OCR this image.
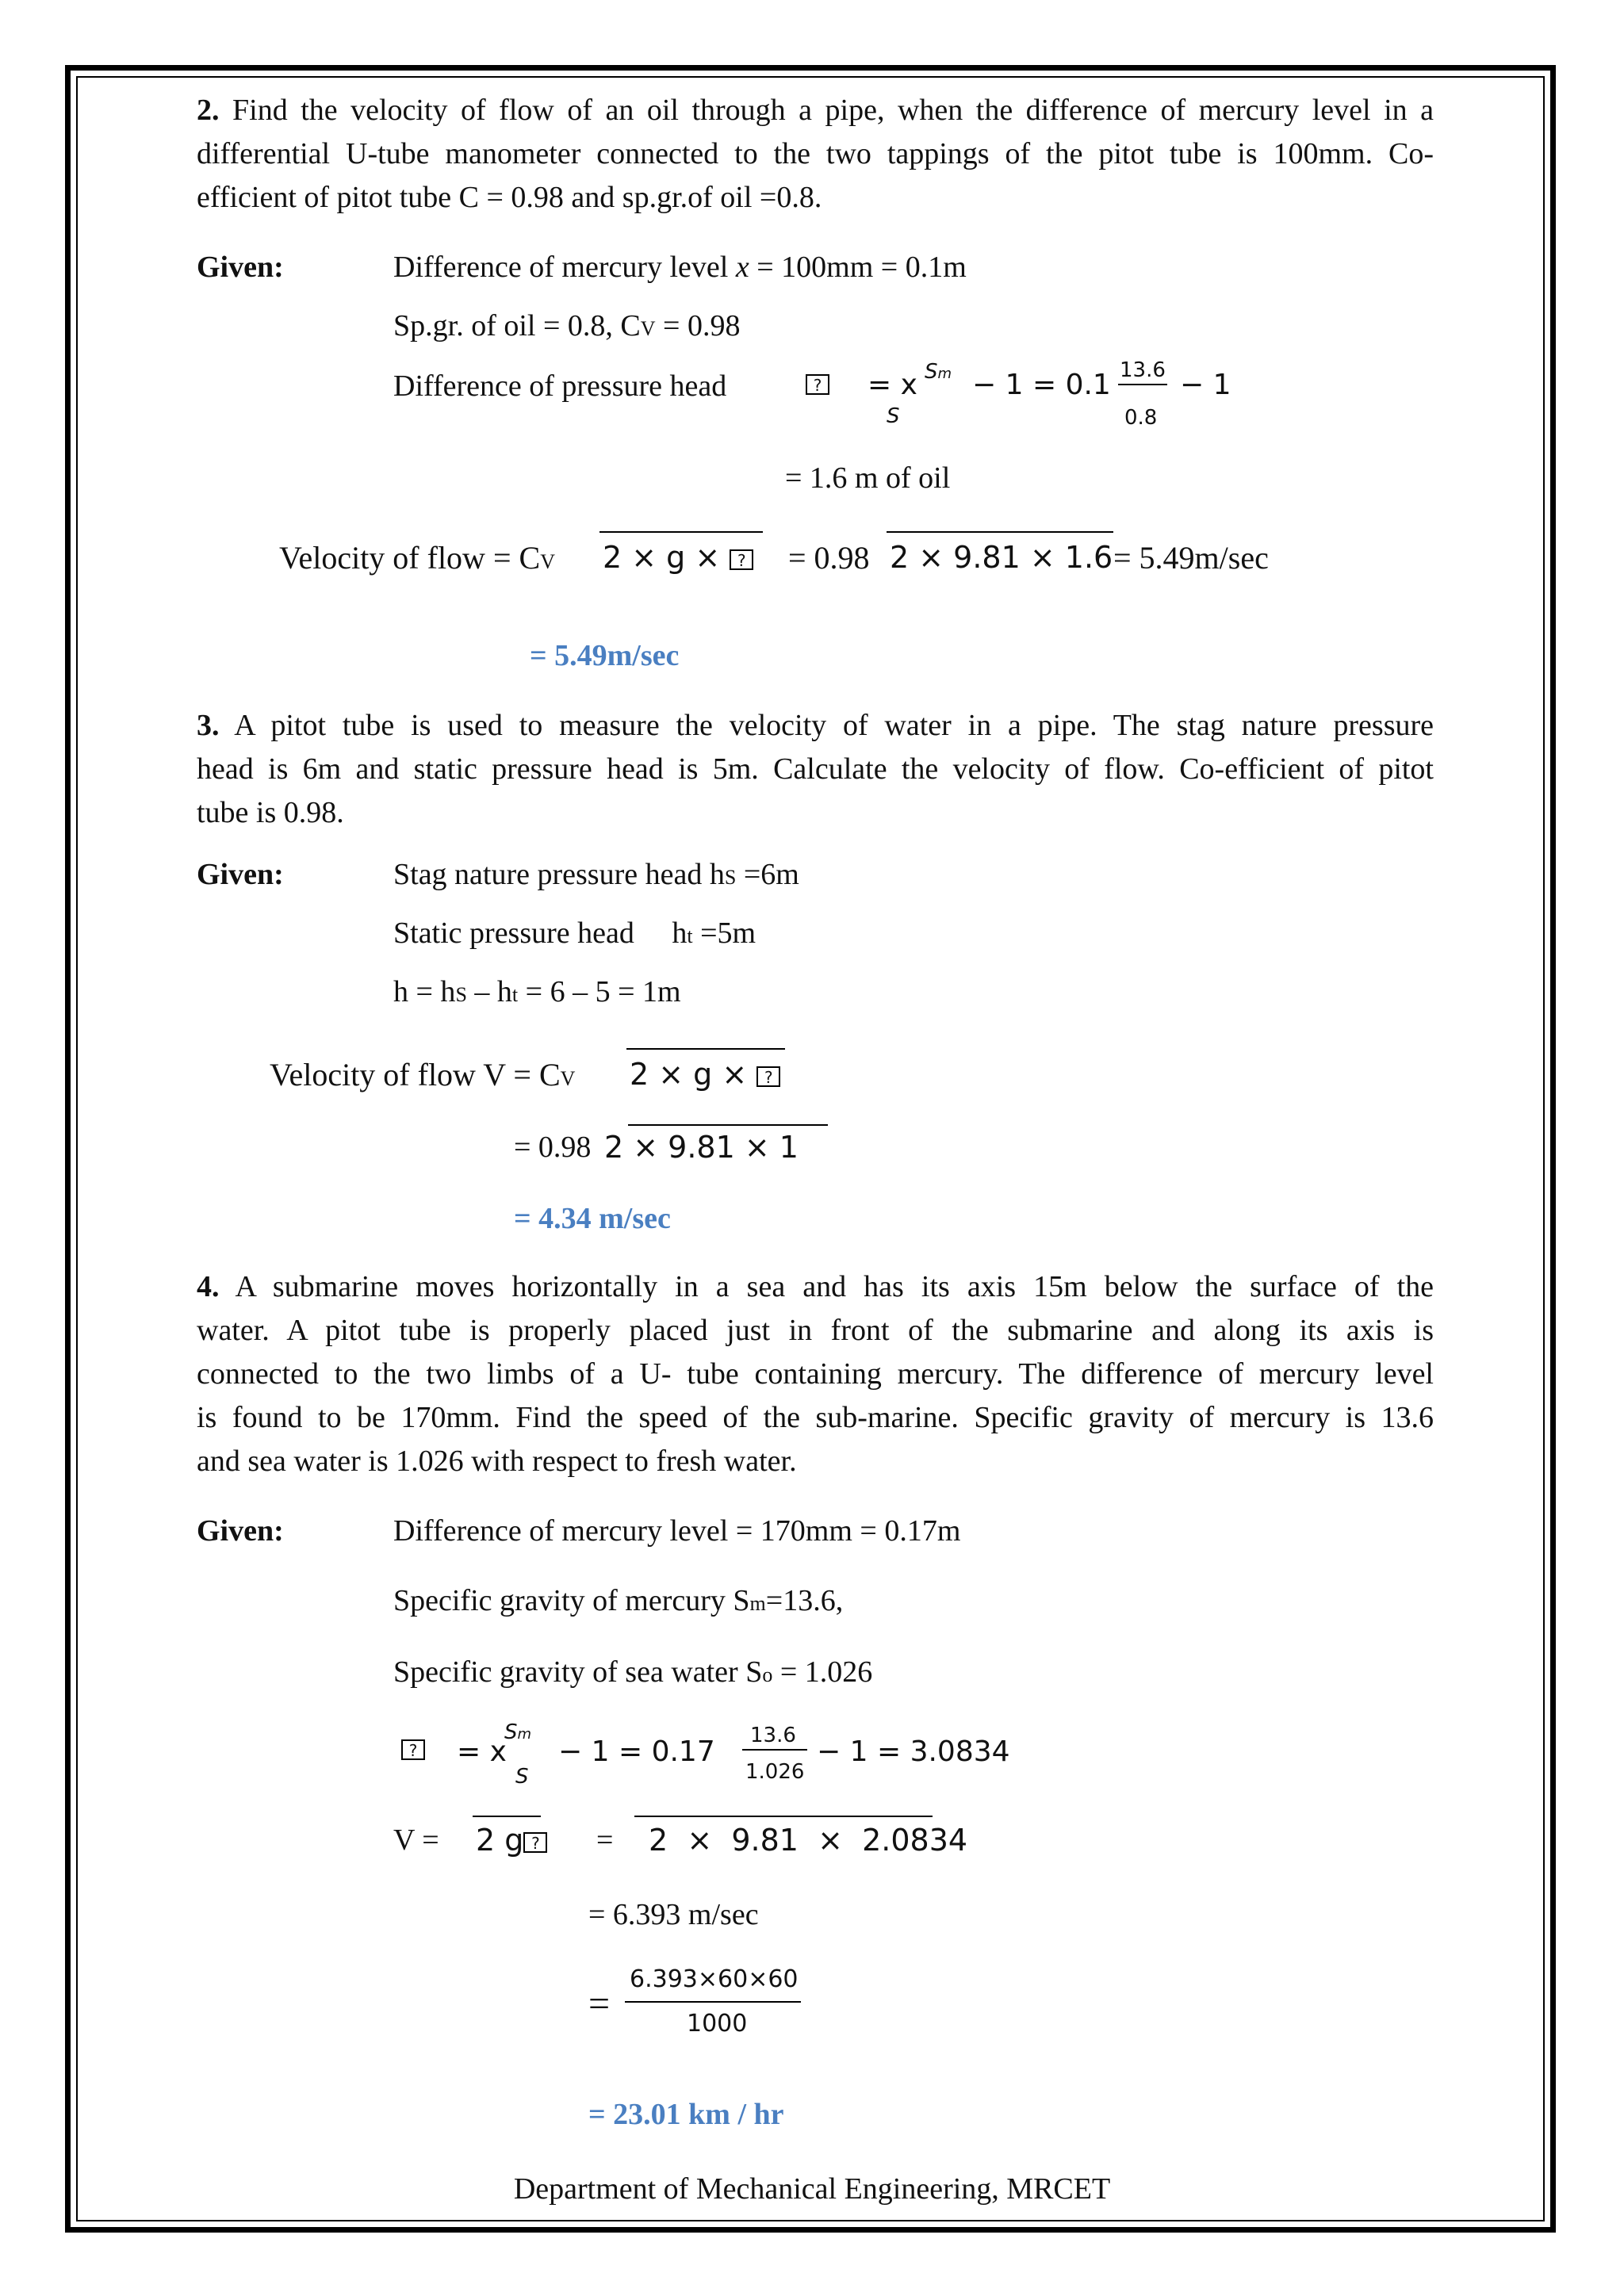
2. Find the velocity of flow of an oil through a pipe, when the difference of mercury level in a
differential U-tube manometer connected to the two tappings of the pitot tube is 100mm. Co-
efficient of pitot tube C = 0.98 and sp.gr.of oil =0.8.
Given:	Difference of mercury level x = 100mm = 0.1m
Sp.gr. of oil = 0.8, CV = 0.98
Difference of pressure head	? = x Sm
S
− 1 = 0.1 13.6
0.8
− 1
= 1.6 m of oil
Velocity of flow = CV 2 × g × ? = 0.98 2 × 9.81 × 1.6 = 5.49m/sec
= 5.49m/sec
3. A pitot tube is used to measure the velocity of water in a pipe. The stag nature pressure
head is 6m and static pressure head is 5m. Calculate the velocity of flow. Co-efficient of pitot
tube is 0.98.
Given:	Stag nature pressure head hS =6m
Static pressure head     ht =5m
h = hS – ht = 6 – 5 = 1m
Velocity of flow V = CV 2 × g × ?
= 0.98 2 × 9.81 × 1
= 4.34 m/sec
4. A submarine moves horizontally in a sea and has its axis 15m below the surface of the
water. A pitot tube is properly placed just in front of the submarine and along its axis is
connected to the two limbs of a U- tube containing mercury. The difference of mercury level
is found to be 170mm. Find the speed of the sub-marine. Specific gravity of mercury is 13.6
and sea water is 1.026 with respect to fresh water.
Given:	Difference of mercury level = 170mm = 0.17m
Specific gravity of mercury Sm=13.6,
Specific gravity of sea water So = 1.026
? = x
Sm
S
− 1 = 0.17 13.6
1.026
− 1 = 3.0834
V = 2 g ? = 2  ×  9.81  ×  2.0834
= 6.393 m/sec
=
6.393×60×60
1000
= 23.01 km / hr
Department of Mechanical Engineering, MRCET
